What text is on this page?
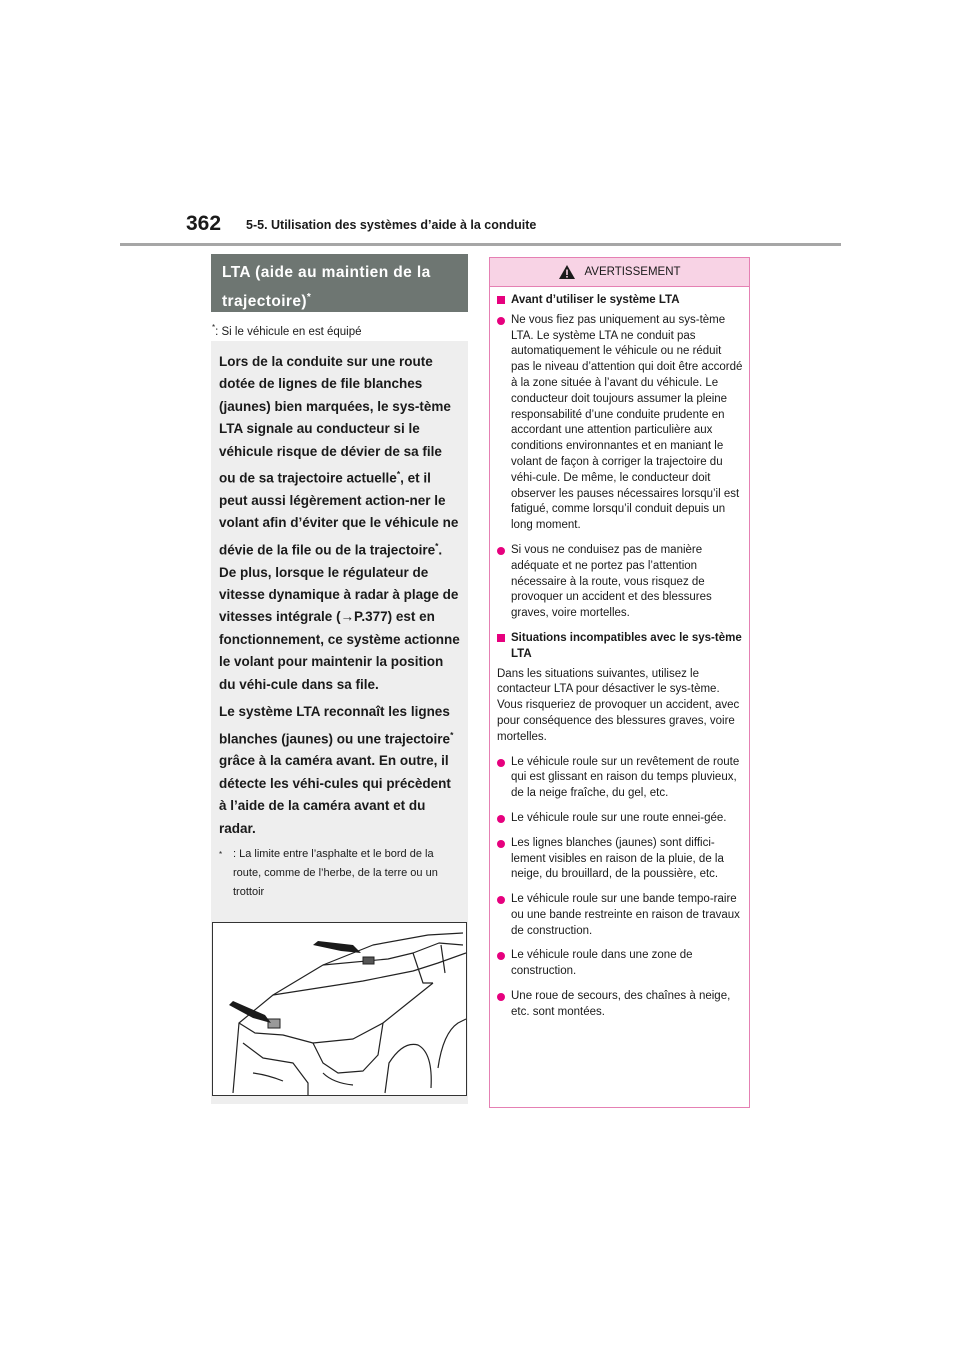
362 5-5. Utilisation des systèmes d’aide à la conduite
LTA (aide au maintien de la
trajectoire)*
*: Si le véhicule en est équipé

Lors de la conduite sur une route dotée de lignes de file blanches (jaunes) bien marquées, le sys-tème LTA signale au conducteur si le véhicule risque de dévier de sa file ou de sa trajectoire actuelle*, et il peut aussi légèrement action-ner le volant afin d’éviter que le véhicule ne dévie de la file ou de la trajectoire*. De plus, lorsque le régulateur de vitesse dynamique à radar à plage de vitesses intégrale (→P.377) est en fonctionnement, ce système actionne le volant pour maintenir la position du véhi-cule dans sa file.

Le système LTA reconnaît les lignes blanches (jaunes) ou une trajectoire* grâce à la caméra avant. En outre, il détecte les véhi-cules qui précèdent à l’aide de la caméra avant et du radar.

* : La limite entre l’asphalte et le bord de la route, comme de l’herbe, de la terre ou un trottoir
AVERTISSEMENT
Avant d’utiliser le système LTA
Ne vous fiez pas uniquement au sys-tème LTA. Le système LTA ne conduit pas automatiquement le véhicule ou ne réduit pas le niveau d’attention qui doit être accordé à la zone située à l’avant du véhicule. Le conducteur doit toujours assumer la pleine responsabilité d’une conduite prudente en accordant une attention particulière aux conditions environnantes et en maniant le volant de façon à corriger la trajectoire du véhi-cule. De même, le conducteur doit observer les pauses nécessaires lorsqu’il est fatigué, comme lorsqu’il conduit depuis un long moment.
Si vous ne conduisez pas de manière adéquate et ne portez pas l’attention nécessaire à la route, vous risquez de provoquer un accident et des blessures graves, voire mortelles.
Situations incompatibles avec le sys-tème LTA
Dans les situations suivantes, utilisez le contacteur LTA pour désactiver le sys-tème. Vous risqueriez de provoquer un accident, avec pour conséquence des blessures graves, voire mortelles.
Le véhicule roule sur un revêtement de route qui est glissant en raison du temps pluvieux, de la neige fraîche, du gel, etc.
Le véhicule roule sur une route ennei-gée.
Les lignes blanches (jaunes) sont diffici-lement visibles en raison de la pluie, de la neige, du brouillard, de la poussière, etc.
Le véhicule roule sur une bande tempo-raire ou une bande restreinte en raison de travaux de construction.
Le véhicule roule dans une zone de construction.
Une roue de secours, des chaînes à neige, etc. sont montées.
